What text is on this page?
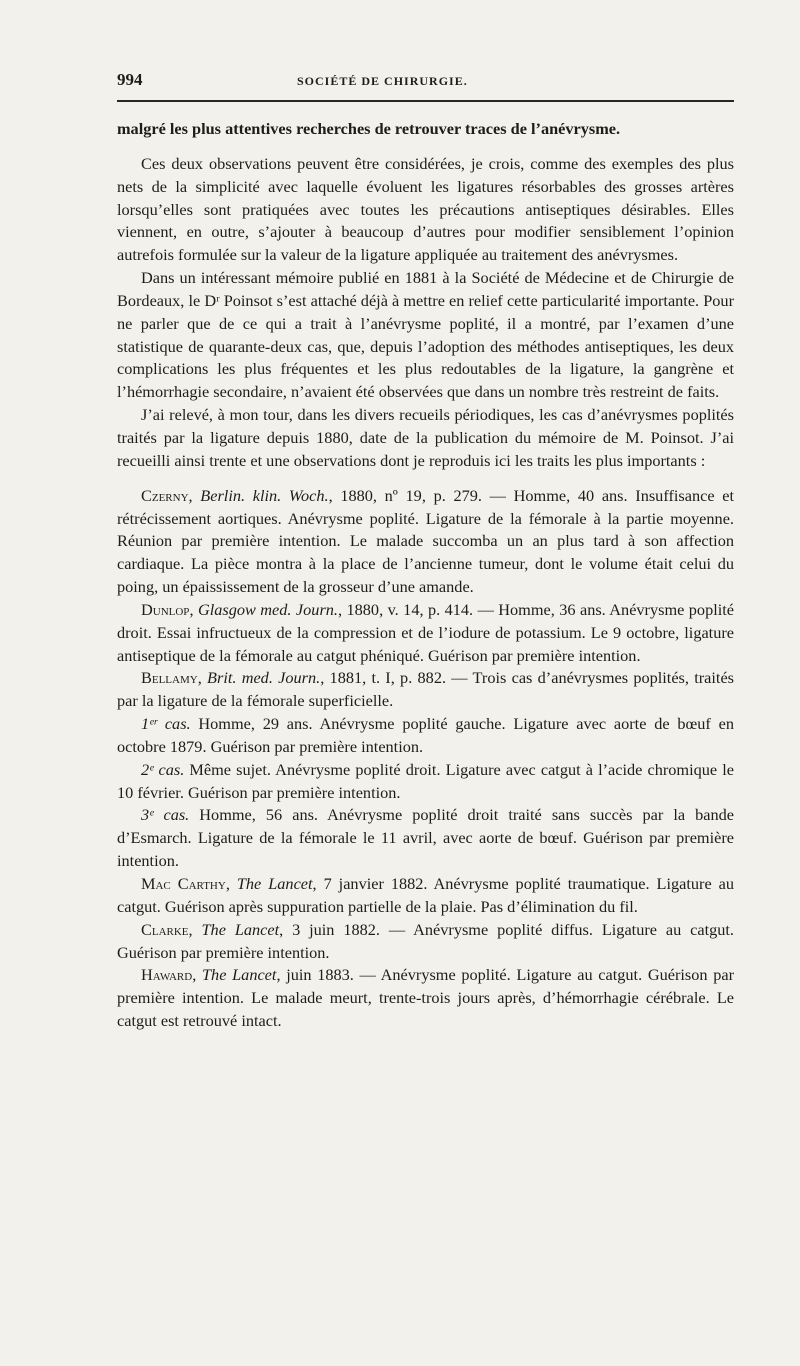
994	SOCIÉTÉ DE CHIRURGIE.

malgré les plus attentives recherches de retrouver traces de l’anévrysme.

Ces deux observations peuvent être considérées, je crois, comme des exemples des plus nets de la simplicité avec laquelle évoluent les ligatures résorbables des grosses artères lorsqu’elles sont pratiquées avec toutes les précautions antiseptiques désirables. Elles viennent, en outre, s’ajouter à beaucoup d’autres pour modifier sensiblement l’opinion autrefois formulée sur la valeur de la ligature appliquée au traitement des anévrysmes.

Dans un intéressant mémoire publié en 1881 à la Société de Médecine et de Chirurgie de Bordeaux, le Dʳ Poinsot s’est attaché déjà à mettre en relief cette particularité importante. Pour ne parler que de ce qui a trait à l’anévrysme poplité, il a montré, par l’examen d’une statistique de quarante-deux cas, que, depuis l’adoption des méthodes antiseptiques, les deux complications les plus fréquentes et les plus redoutables de la ligature, la gangrène et l’hémorrhagie secondaire, n’avaient été observées que dans un nombre très restreint de faits.

J’ai relevé, à mon tour, dans les divers recueils périodiques, les cas d’anévrysmes poplités traités par la ligature depuis 1880, date de la publication du mémoire de M. Poinsot. J’ai recueilli ainsi trente et une observations dont je reproduis ici les traits les plus importants :

Czerny, Berlin. klin. Woch., 1880, nº 19, p. 279. — Homme, 40 ans. Insuffisance et rétrécissement aortiques. Anévrysme poplité. Ligature de la fémorale à la partie moyenne. Réunion par première intention. Le malade succomba un an plus tard à son affection cardiaque. La pièce montra à la place de l’ancienne tumeur, dont le volume était celui du poing, un épaississement de la grosseur d’une amande.

Dunlop, Glasgow med. Journ., 1880, v. 14, p. 414. — Homme, 36 ans. Anévrysme poplité droit. Essai infructueux de la compression et de l’iodure de potassium. Le 9 octobre, ligature antiseptique de la fémorale au catgut phéniqué. Guérison par première intention.

Bellamy, Brit. med. Journ., 1881, t. I, p. 882. — Trois cas d’anévrysmes poplités, traités par la ligature de la fémorale superficielle.

1ᵉʳ cas. Homme, 29 ans. Anévrysme poplité gauche. Ligature avec aorte de bœuf en octobre 1879. Guérison par première intention.

2ᵉ cas. Même sujet. Anévrysme poplité droit. Ligature avec catgut à l’acide chromique le 10 février. Guérison par première intention.

3ᵉ cas. Homme, 56 ans. Anévrysme poplité droit traité sans succès par la bande d’Esmarch. Ligature de la fémorale le 11 avril, avec aorte de bœuf. Guérison par première intention.

Mac Carthy, The Lancet, 7 janvier 1882. Anévrysme poplité traumatique. Ligature au catgut. Guérison après suppuration partielle de la plaie. Pas d’élimination du fil.

Clarke, The Lancet, 3 juin 1882. — Anévrysme poplité diffus. Ligature au catgut. Guérison par première intention.

Haward, The Lancet, juin 1883. — Anévrysme poplité. Ligature au catgut. Guérison par première intention. Le malade meurt, trente-trois jours après, d’hémorrhagie cérébrale. Le catgut est retrouvé intact.
